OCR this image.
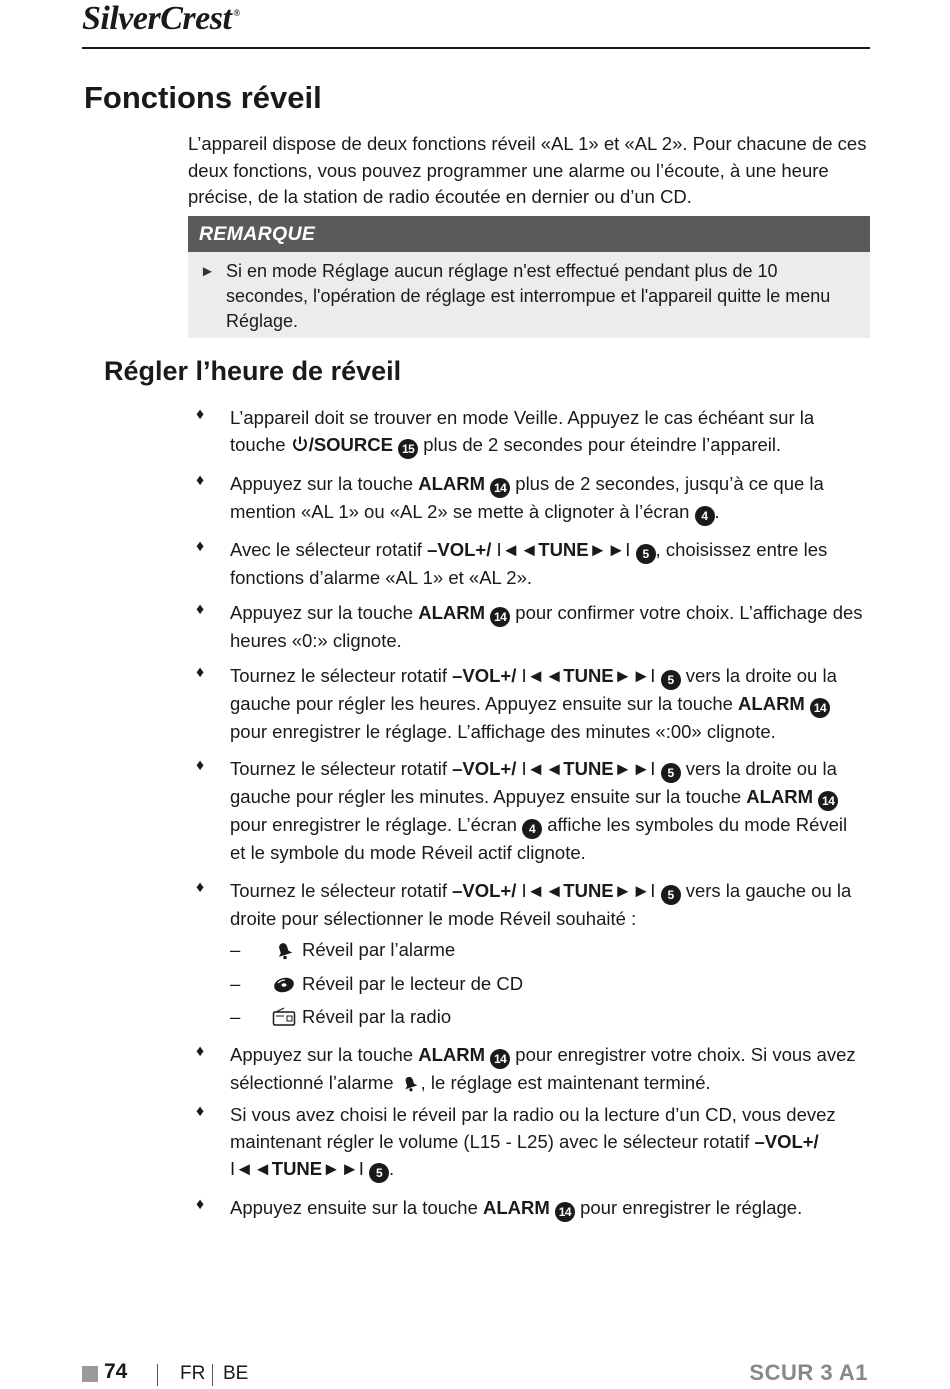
SilverCrest ®
Fonctions réveil

L’appareil dispose de deux fonctions réveil «AL 1» et «AL 2». Pour chacune de ces deux fonctions, vous pouvez programmer une alarme ou l’écoute, à une heure précise, de la station de radio écoutée en dernier ou d’un CD.

REMARQUE
► Si en mode Réglage aucun réglage n'est effectué pendant plus de 10 secondes, l'opération de réglage est interrompue et l'appareil quitte le menu Réglage.
Régler l’heure de réveil
♦ L’appareil doit se trouver en mode Veille. Appuyez le cas échéant sur la touche /SOURCE 15 plus de 2 secondes pour éteindre l’appareil.
♦ Appuyez sur la touche ALARM 14 plus de 2 secondes, jusqu’à ce que la mention «AL 1» ou «AL 2» se mette à clignoter à l’écran 4 .
♦ Avec le sélecteur rotatif –VOL+/ I◄◄TUNE►►I 5 , choisissez entre les fonctions d’alarme «AL 1» et «AL 2».
♦ Appuyez sur la touche ALARM 14 pour confirmer votre choix. L’affichage des heures «0:» clignote.
♦ Tournez le sélecteur rotatif –VOL+/ I◄◄TUNE►►I 5 vers la droite ou la gauche pour régler les heures. Appuyez ensuite sur la touche ALARM 14 pour enregistrer le réglage. L’affichage des minutes «:00» clignote.
♦ Tournez le sélecteur rotatif –VOL+/ I◄◄TUNE►►I 5 vers la droite ou la gauche pour régler les minutes. Appuyez ensuite sur la touche ALARM 14 pour enregistrer le réglage. L’écran 4 affiche les symboles du mode Réveil et le symbole du mode Réveil actif clignote.
♦ Tournez le sélecteur rotatif –VOL+/ I◄◄TUNE►►I 5 vers la gauche ou la droite pour sélectionner le mode Réveil souhaité :
–	Réveil par l’alarme
–	Réveil par le lecteur de CD
–	Réveil par la radio
♦ Appuyez sur la touche ALARM 14 pour enregistrer votre choix. Si vous avez sélectionné l’alarme , le réglage est maintenant terminé.
♦ Si vous avez choisi le réveil par la radio ou la lecture d’un CD, vous devez maintenant régler le volume (L15 - L25) avec le sélecteur rotatif –VOL+/ I◄◄TUNE►►I 5 .
♦ Appuyez ensuite sur la touche ALARM 14 pour enregistrer le réglage.
74	FR BE	SCUR 3 A1
